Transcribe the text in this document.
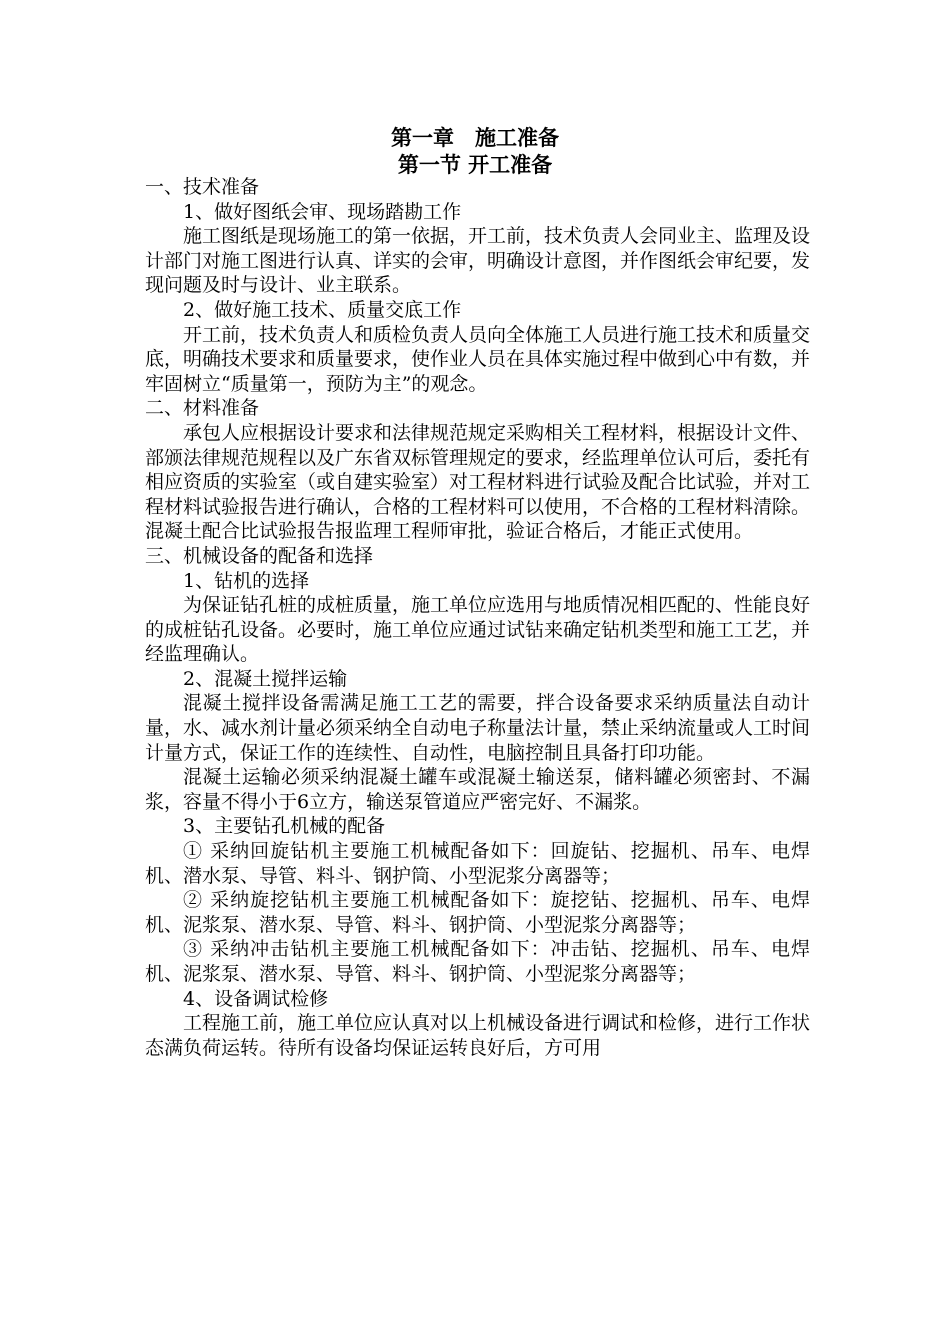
第一章　施工准备

第一节 开工准备

一、技术准备

1、做好图纸会审、现场踏勘工作

施工图纸是现场施工的第一依据，开工前，技术负责人会同业主、监理及设计部门对施工图进行认真、详实的会审，明确设计意图，并作图纸会审纪要，发现问题及时与设计、业主联系。

2、做好施工技术、质量交底工作

开工前，技术负责人和质检负责人员向全体施工人员进行施工技术和质量交底，明确技术要求和质量要求，使作业人员在具体实施过程中做到心中有数，并牢固树立“质量第一，预防为主”的观念。

二、材料准备

承包人应根据设计要求和法律规范规定采购相关工程材料，根据设计文件、部颁法律规范规程以及广东省双标管理规定的要求，经监理单位认可后，委托有相应资质的实验室（或自建实验室）对工程材料进行试验及配合比试验，并对工程材料试验报告进行确认，合格的工程材料可以使用，不合格的工程材料清除。混凝土配合比试验报告报监理工程师审批，验证合格后，才能正式使用。

三、机械设备的配备和选择

1、钻机的选择

为保证钻孔桩的成桩质量，施工单位应选用与地质情况相匹配的、性能良好的成桩钻孔设备。必要时，施工单位应通过试钻来确定钻机类型和施工工艺，并经监理确认。

2、混凝土搅拌运输

混凝土搅拌设备需满足施工工艺的需要，拌合设备要求采纳质量法自动计量，水、减水剂计量必须采纳全自动电子称量法计量，禁止采纳流量或人工时间计量方式，保证工作的连续性、自动性，电脑控制且具备打印功能。

混凝土运输必须采纳混凝土罐车或混凝土输送泵，储料罐必须密封、不漏浆，容量不得小于6立方，输送泵管道应严密完好、不漏浆。

3、主要钻孔机械的配备

① 采纳回旋钻机主要施工机械配备如下：回旋钻、挖掘机、吊车、电焊机、潜水泵、导管、料斗、钢护筒、小型泥浆分离器等；

② 采纳旋挖钻机主要施工机械配备如下：旋挖钻、挖掘机、吊车、电焊机、泥浆泵、潜水泵、导管、料斗、钢护筒、小型泥浆分离器等；

③ 采纳冲击钻机主要施工机械配备如下：冲击钻、挖掘机、吊车、电焊机、泥浆泵、潜水泵、导管、料斗、钢护筒、小型泥浆分离器等；

4、设备调试检修

工程施工前，施工单位应认真对以上机械设备进行调试和检修，进行工作状态满负荷运转。待所有设备均保证运转良好后，方可用
